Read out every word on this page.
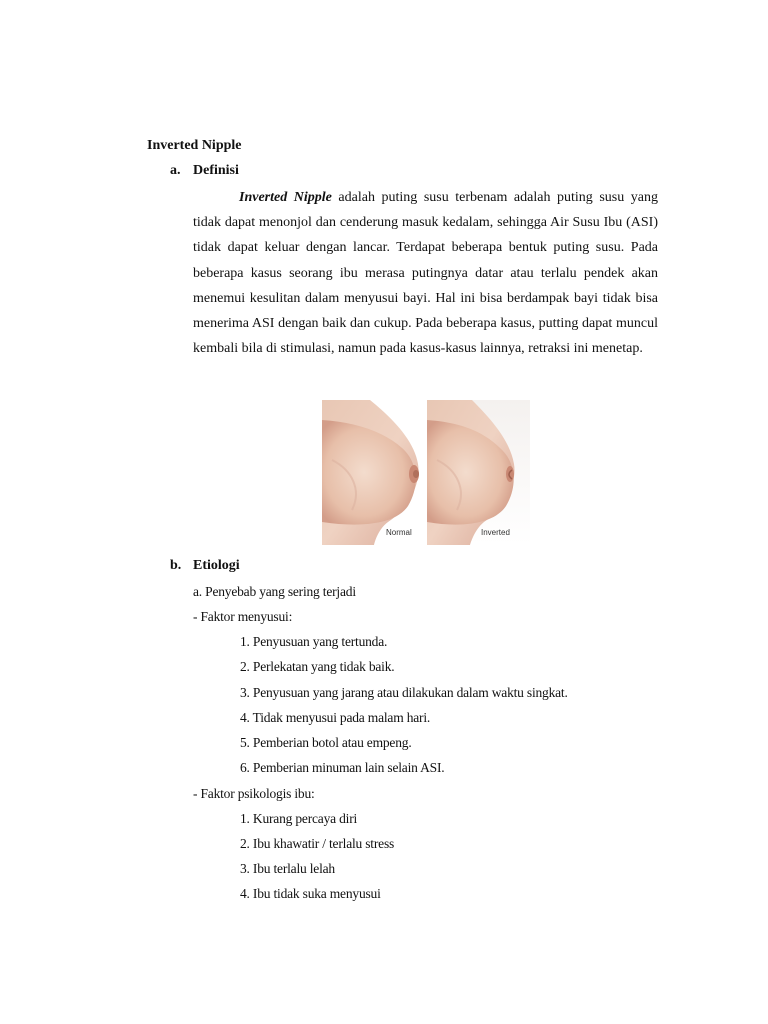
Inverted Nipple
a. Definisi

Inverted Nipple adalah puting susu terbenam adalah puting susu yang tidak dapat menonjol dan cenderung masuk kedalam, sehingga Air Susu Ibu (ASI) tidak dapat keluar dengan lancar. Terdapat beberapa bentuk puting susu. Pada beberapa kasus seorang ibu merasa putingnya datar atau terlalu pendek akan menemui kesulitan dalam menyusui bayi. Hal ini bisa berdampak bayi tidak bisa menerima ASI dengan baik dan cukup. Pada beberapa kasus, putting dapat muncul kembali bila di stimulasi, namun pada kasus-kasus lainnya, retraksi ini menetap.

Normal	Inverted
b. Etiologi
a. Penyebab yang sering terjadi
- Faktor menyusui:
1. Penyusuan yang tertunda.
2. Perlekatan yang tidak baik.
3. Penyusuan yang jarang atau dilakukan dalam waktu singkat.
4. Tidak menyusui pada malam hari.
5. Pemberian botol atau empeng.
6. Pemberian minuman lain selain ASI.
- Faktor psikologis ibu:
1. Kurang percaya diri
2. Ibu khawatir / terlalu stress
3. Ibu terlalu lelah
4. Ibu tidak suka menyusui
